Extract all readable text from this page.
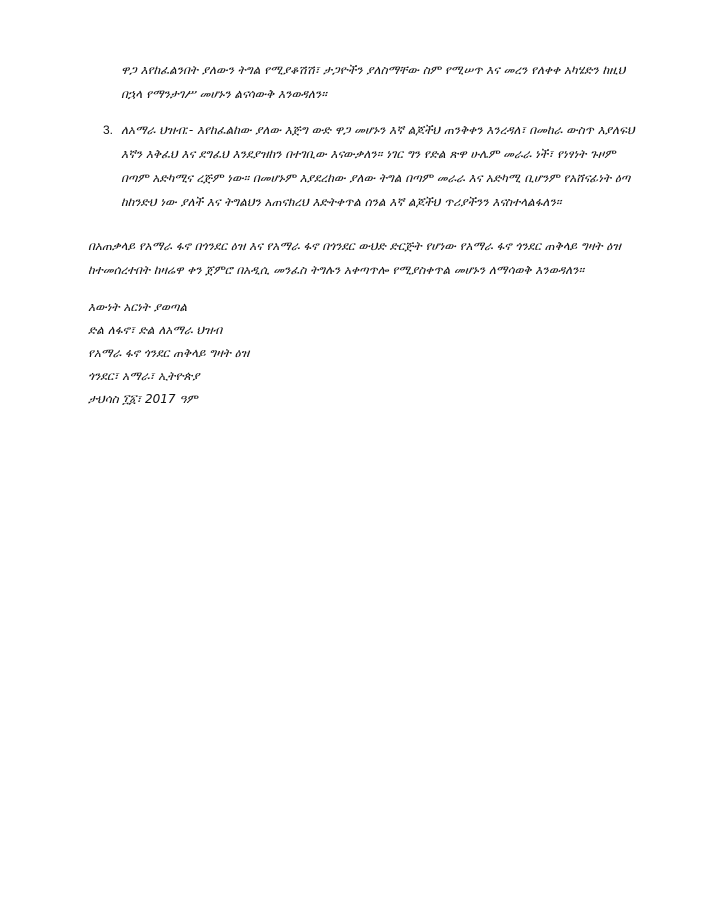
ዋጋ እየከፈልንበት ያለውን ትግል የሚያቆሽሽ፣ ታጋዮችን ያለስማቸው ስም የሚሠጥ እና መረን የለቀቀ አካሄድን ከዚህ በኋላ የማንታገሥ መሆኑን ልናሳውቅ እንወዳለን።
3. ለአማራ ህዝብ:- እየከፈልከው ያለው እጅግ ውድ ዋጋ መሆኑን እኛ ልጆችህ ጠንቅቀን እንረዳለ፣ በመከራ ውስጥ እያለፍህ እኛን እቅፈህ እና ደግፈህ እንደያዝከን በተገቢው እናውቃለን። ነገር ግን የድል ጽዋ ሁሌም መራራ ነች፣ የነፃነት ጉዞም በጣም አድካሚና ረጅም ነው። በመሆኑም እያደረከው ያለው ትግል በጣም መራራ እና አድካሚ ቢሆንም የአሸናፊነት ዕጣ ከከንድህ ነው ያለች እና ትግልህን አጠናክረህ እድትቀጥል ሰንል እኛ ልጆችህ ጥሪያችንን እናስተላልፋለን።
በአጠቃላይ የአማራ ፋኖ በጎንደር ዕዝ እና የአማራ ፋኖ በጎንደር ውህድ ድርጅት የሆነው የአማራ ፋኖ ጎንደር ጠቅላይ ግዛት ዕዝ ከተመሰረተበት ከዛሬዋ ቀን ጀምሮ በአዲሲ መንፈስ ትግሉን አቀጣጥሎ የሚያስቀጥል መሆኑን ለማሳወቅ እንወዳለን።
እውነት አርነት ያወጣል
ድል ለፋኖ፣ ድል ለአማራ ህዝብ
የአማራ ፋኖ ጎንደር ጠቅላይ ግዛት ዕዝ
ጎንደር፣ አማራ፣ ኢትዮጵያ
ታህሳስ ፲፩፣ 2017 ዓም
